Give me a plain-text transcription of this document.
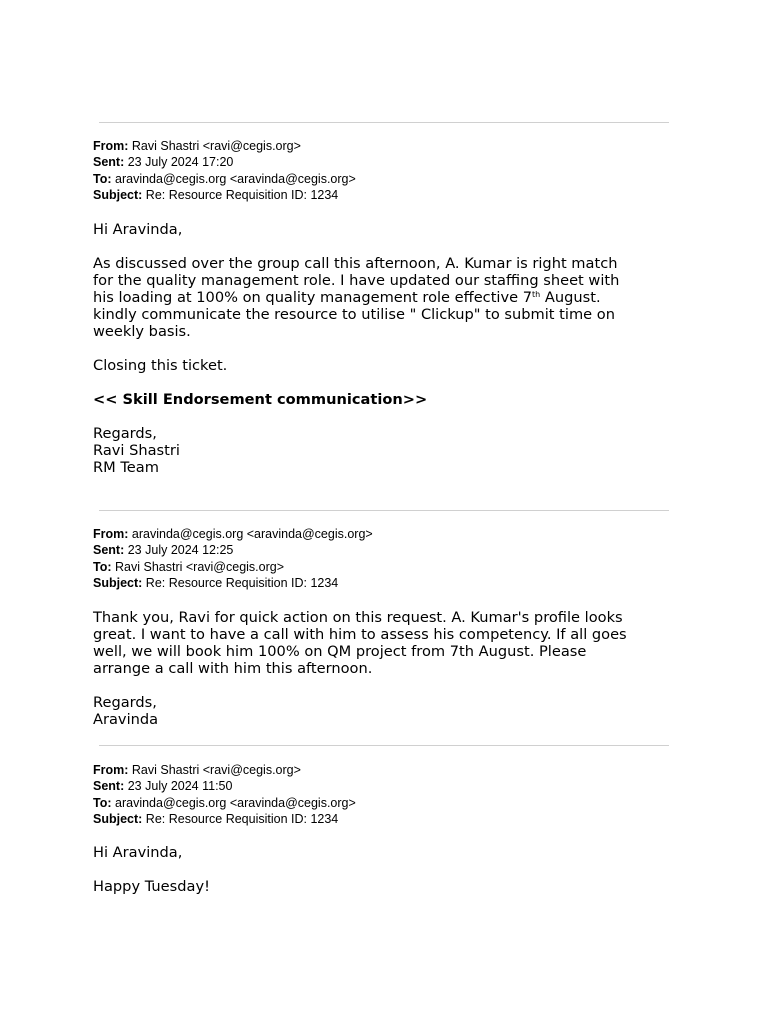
From: Ravi Shastri <ravi@cegis.org>
Sent: 23 July 2024 17:20
To: aravinda@cegis.org <aravinda@cegis.org>
Subject: Re: Resource Requisition ID: 1234

Hi Aravinda,

As discussed over the group call this afternoon, A. Kumar is right match

for the quality management role. I have updated our staffing sheet with

his loading at 100% on quality management role effective 7th August.

kindly communicate the resource to utilise " Clickup" to submit time on

weekly basis.

Closing this ticket.

<< Skill Endorsement communication>>

Regards,

Ravi Shastri

RM Team

From: aravinda@cegis.org <aravinda@cegis.org>
Sent: 23 July 2024 12:25
To: Ravi Shastri <ravi@cegis.org>
Subject: Re: Resource Requisition ID: 1234

Thank you, Ravi for quick action on this request. A. Kumar's profile looks

great. I want to have a call with him to assess his competency. If all goes

well, we will book him 100% on QM project from 7th August. Please

arrange a call with him this afternoon.

Regards,

Aravinda

From: Ravi Shastri <ravi@cegis.org>
Sent: 23 July 2024 11:50
To: aravinda@cegis.org <aravinda@cegis.org>
Subject: Re: Resource Requisition ID: 1234

Hi Aravinda,

Happy Tuesday!
